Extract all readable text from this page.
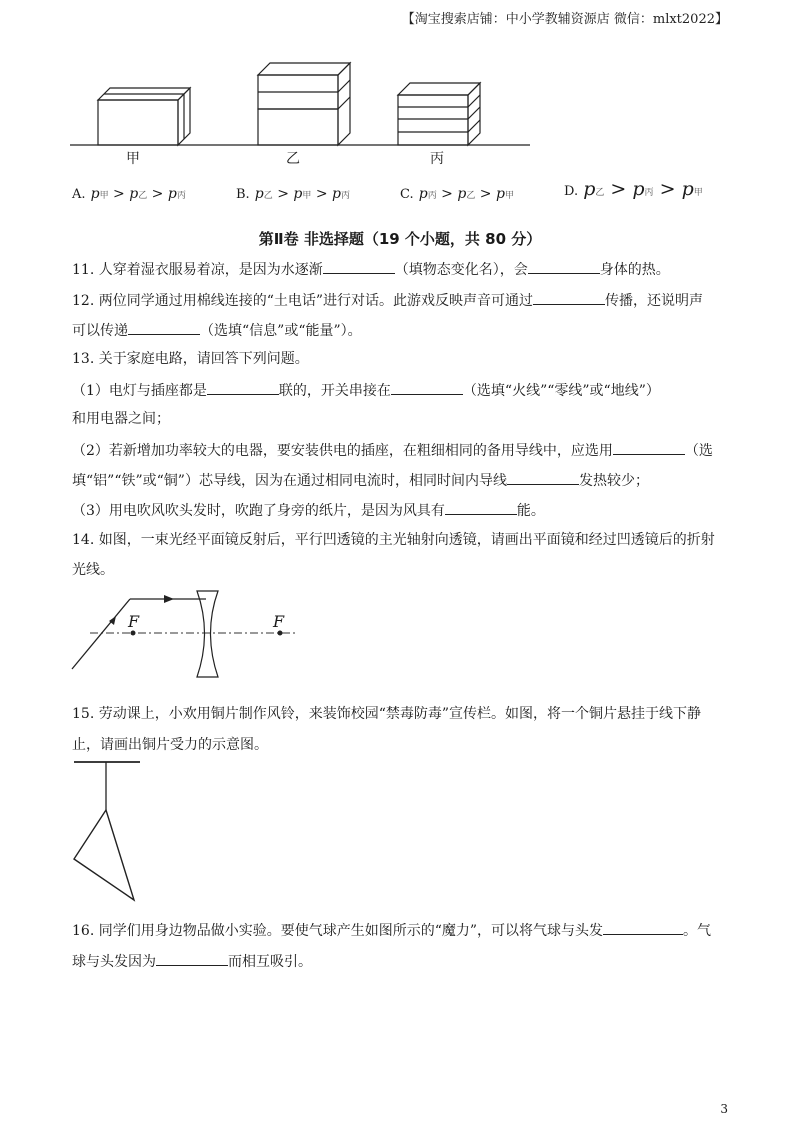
【淘宝搜索店铺：中小学教辅资源店 微信：mlxt2022】
甲	乙	丙
A. p甲 > p乙 > p丙	B. p乙 > p甲 > p丙	C. p丙 > p乙 > p甲	D. p乙 > p丙 > p甲
第Ⅱ卷 非选择题（19 个小题，共 80 分）
11. 人穿着湿衣服易着凉，是因为水逐渐	（填物态变化名），会	身体的热。
12. 两位同学通过用棉线连接的“土电话”进行对话。此游戏反映声音可通过	传播，还说明声
可以传递	（选填“信息”或“能量”）。
13. 关于家庭电路，请回答下列问题。
（1）电灯与插座都是	联的，开关串接在	（选填“火线”“零线”或“地线”）
和用电器之间；
（2）若新增加功率较大的电器，要安装供电的插座，在粗细相同的备用导线中，应选用	（选
填“铝”“铁”或“铜”）芯导线，因为在通过相同电流时，相同时间内导线	发热较少；
（3）用电吹风吹头发时，吹跑了身旁的纸片，是因为风具有	能。
14. 如图，一束光经平面镜反射后，平行凹透镜的主光轴射向透镜，请画出平面镜和经过凹透镜后的折射
光线。
F	F
15. 劳动课上，小欢用铜片制作风铃，来装饰校园“禁毒防毒”宣传栏。如图，将一个铜片悬挂于线下静
止，请画出铜片受力的示意图。
16. 同学们用身边物品做小实验。要使气球产生如图所示的“魔力”，可以将气球与头发	。气
球与头发因为	而相互吸引。
3
